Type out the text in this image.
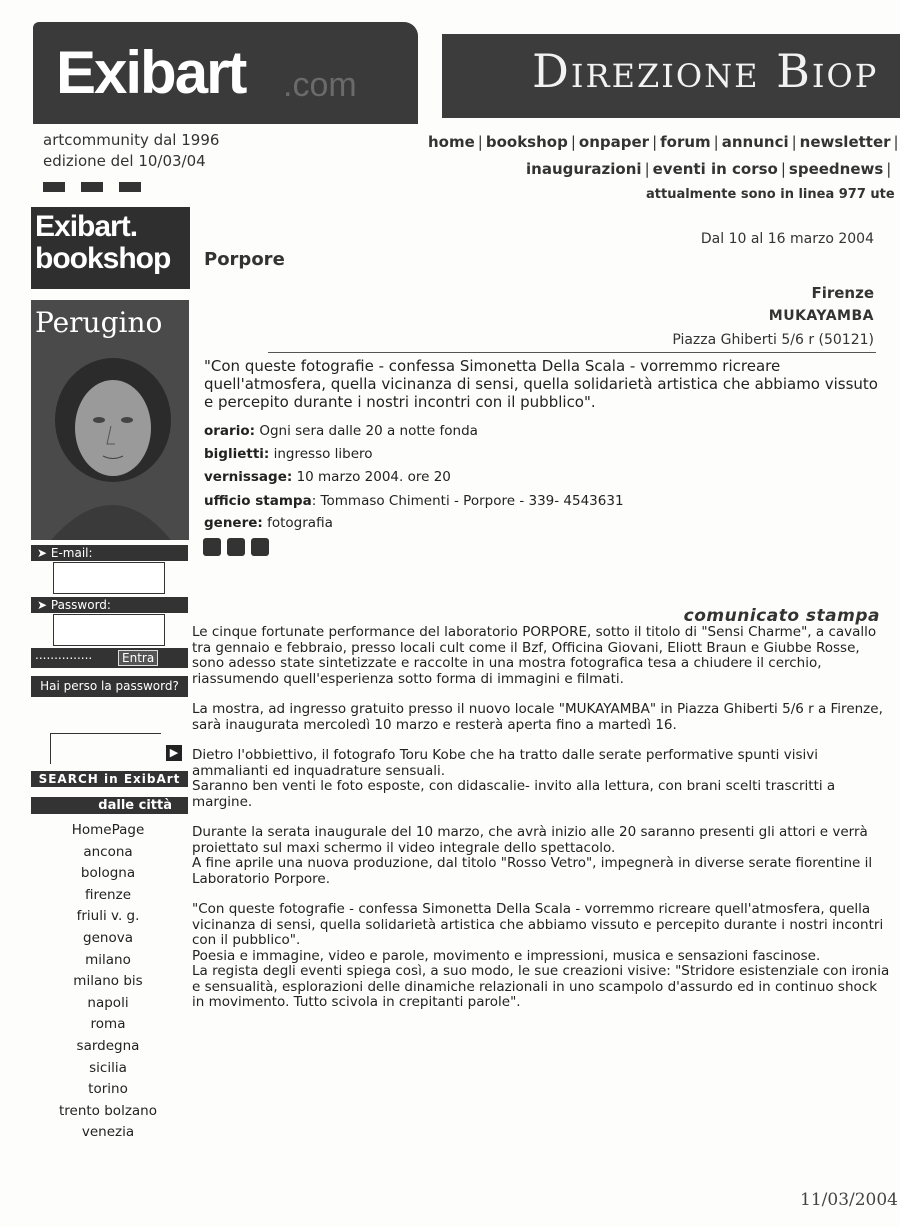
Exibart .com	Direzione Biop
artcommunity dal 1996
edizione del 10/03/04
home | bookshop | onpaper | forum | annunci | newsletter |
inaugurazioni | eventi in corso | speednews |
attualmente sono in linea 977 ute
Exibart.
bookshop
Perugino
➤ E-mail:
➤ Password:
...............	Entra
Hai perso la password?
▶
SEARCH in ExibArt
dalle città
HomePage
ancona
bologna
firenze
friuli v. g.
genova
milano
milano bis
napoli
roma
sardegna
sicilia
torino
trento bolzano
venezia
Porpore
Dal 10 al 16 marzo 2004
Firenze
MUKAYAMBA
Piazza Ghiberti 5/6 r (50121)
"Con queste fotografie - confessa Simonetta Della Scala - vorremmo ricreare quell'atmosfera, quella vicinanza di sensi, quella solidarietà artistica che abbiamo vissuto e percepito durante i nostri incontri con il pubblico".
orario: Ogni sera dalle 20 a notte fonda
biglietti: ingresso libero
vernissage: 10 marzo 2004. ore 20
ufficio stampa: Tommaso Chimenti - Porpore - 339- 4543631
genere: fotografia
comunicato stampa

Le cinque fortunate performance del laboratorio PORPORE, sotto il titolo di "Sensi Charme", a cavallo tra gennaio e febbraio, presso locali cult come il Bzf, Officina Giovani, Eliott Braun e Giubbe Rosse, sono adesso state sintetizzate e raccolte in una mostra fotografica tesa a chiudere il cerchio, riassumendo quell'esperienza sotto forma di immagini e filmati.

La mostra, ad ingresso gratuito presso il nuovo locale "MUKAYAMBA" in Piazza Ghiberti 5/6 r a Firenze, sarà inaugurata mercoledì 10 marzo e resterà aperta fino a martedì 16.

Dietro l'obbiettivo, il fotografo Toru Kobe che ha tratto dalle serate performative spunti visivi ammalianti ed inquadrature sensuali.

Saranno ben venti le foto esposte, con didascalie- invito alla lettura, con brani scelti trascritti a margine.

Durante la serata inaugurale del 10 marzo, che avrà inizio alle 20 saranno presenti gli attori e verrà proiettato sul maxi schermo il video integrale dello spettacolo.

A fine aprile una nuova produzione, dal titolo "Rosso Vetro", impegnerà in diverse serate fiorentine il Laboratorio Porpore.

"Con queste fotografie - confessa Simonetta Della Scala - vorremmo ricreare quell'atmosfera, quella vicinanza di sensi, quella solidarietà artistica che abbiamo vissuto e percepito durante i nostri incontri con il pubblico".

Poesia e immagine, video e parole, movimento e impressioni, musica e sensazioni fascinose.

La regista degli eventi spiega così, a suo modo, le sue creazioni visive: "Stridore esistenziale con ironia e sensualità, esplorazioni delle dinamiche relazionali in uno scampolo d'assurdo ed in continuo shock in movimento. Tutto scivola in crepitanti parole".

11/03/2004
